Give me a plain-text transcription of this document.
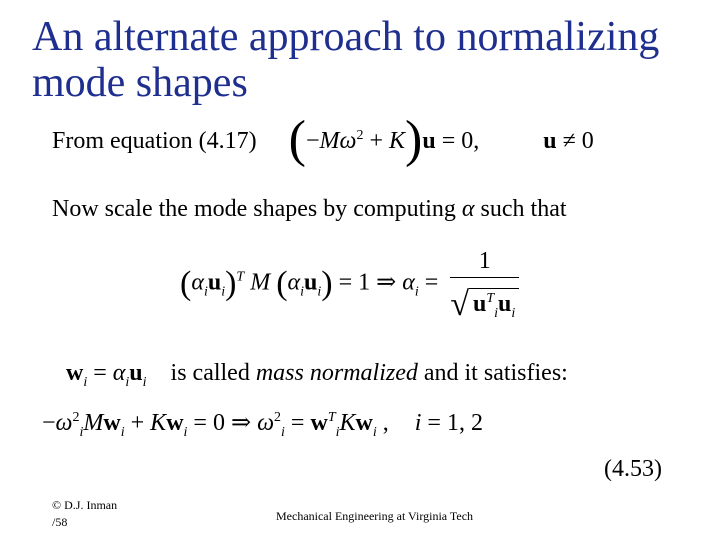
An alternate approach to normalizing mode shapes
From equation (4.17) $(-M\omega^2 + K)u = 0$,	u ≠ 0
Now scale the mode shapes by computing α such that
$(\alpha_iu_i)^T$ M $(\alpha_iu_i) = 1$ ⇒ $\alpha_i = \frac{1}{√ u^T_iu_i}$
$w_i = \alpha_iu_i$ is called mass normalized and it satisfies:
$-\omega^2_iMw_i + Kw_i = 0$ ⇒ $\omega^2_i = w^T_iKw_i$ , i = 1, 2
(4.53)
© D.J. Inman
/58	Mechanical Engineering at Virginia Tech
